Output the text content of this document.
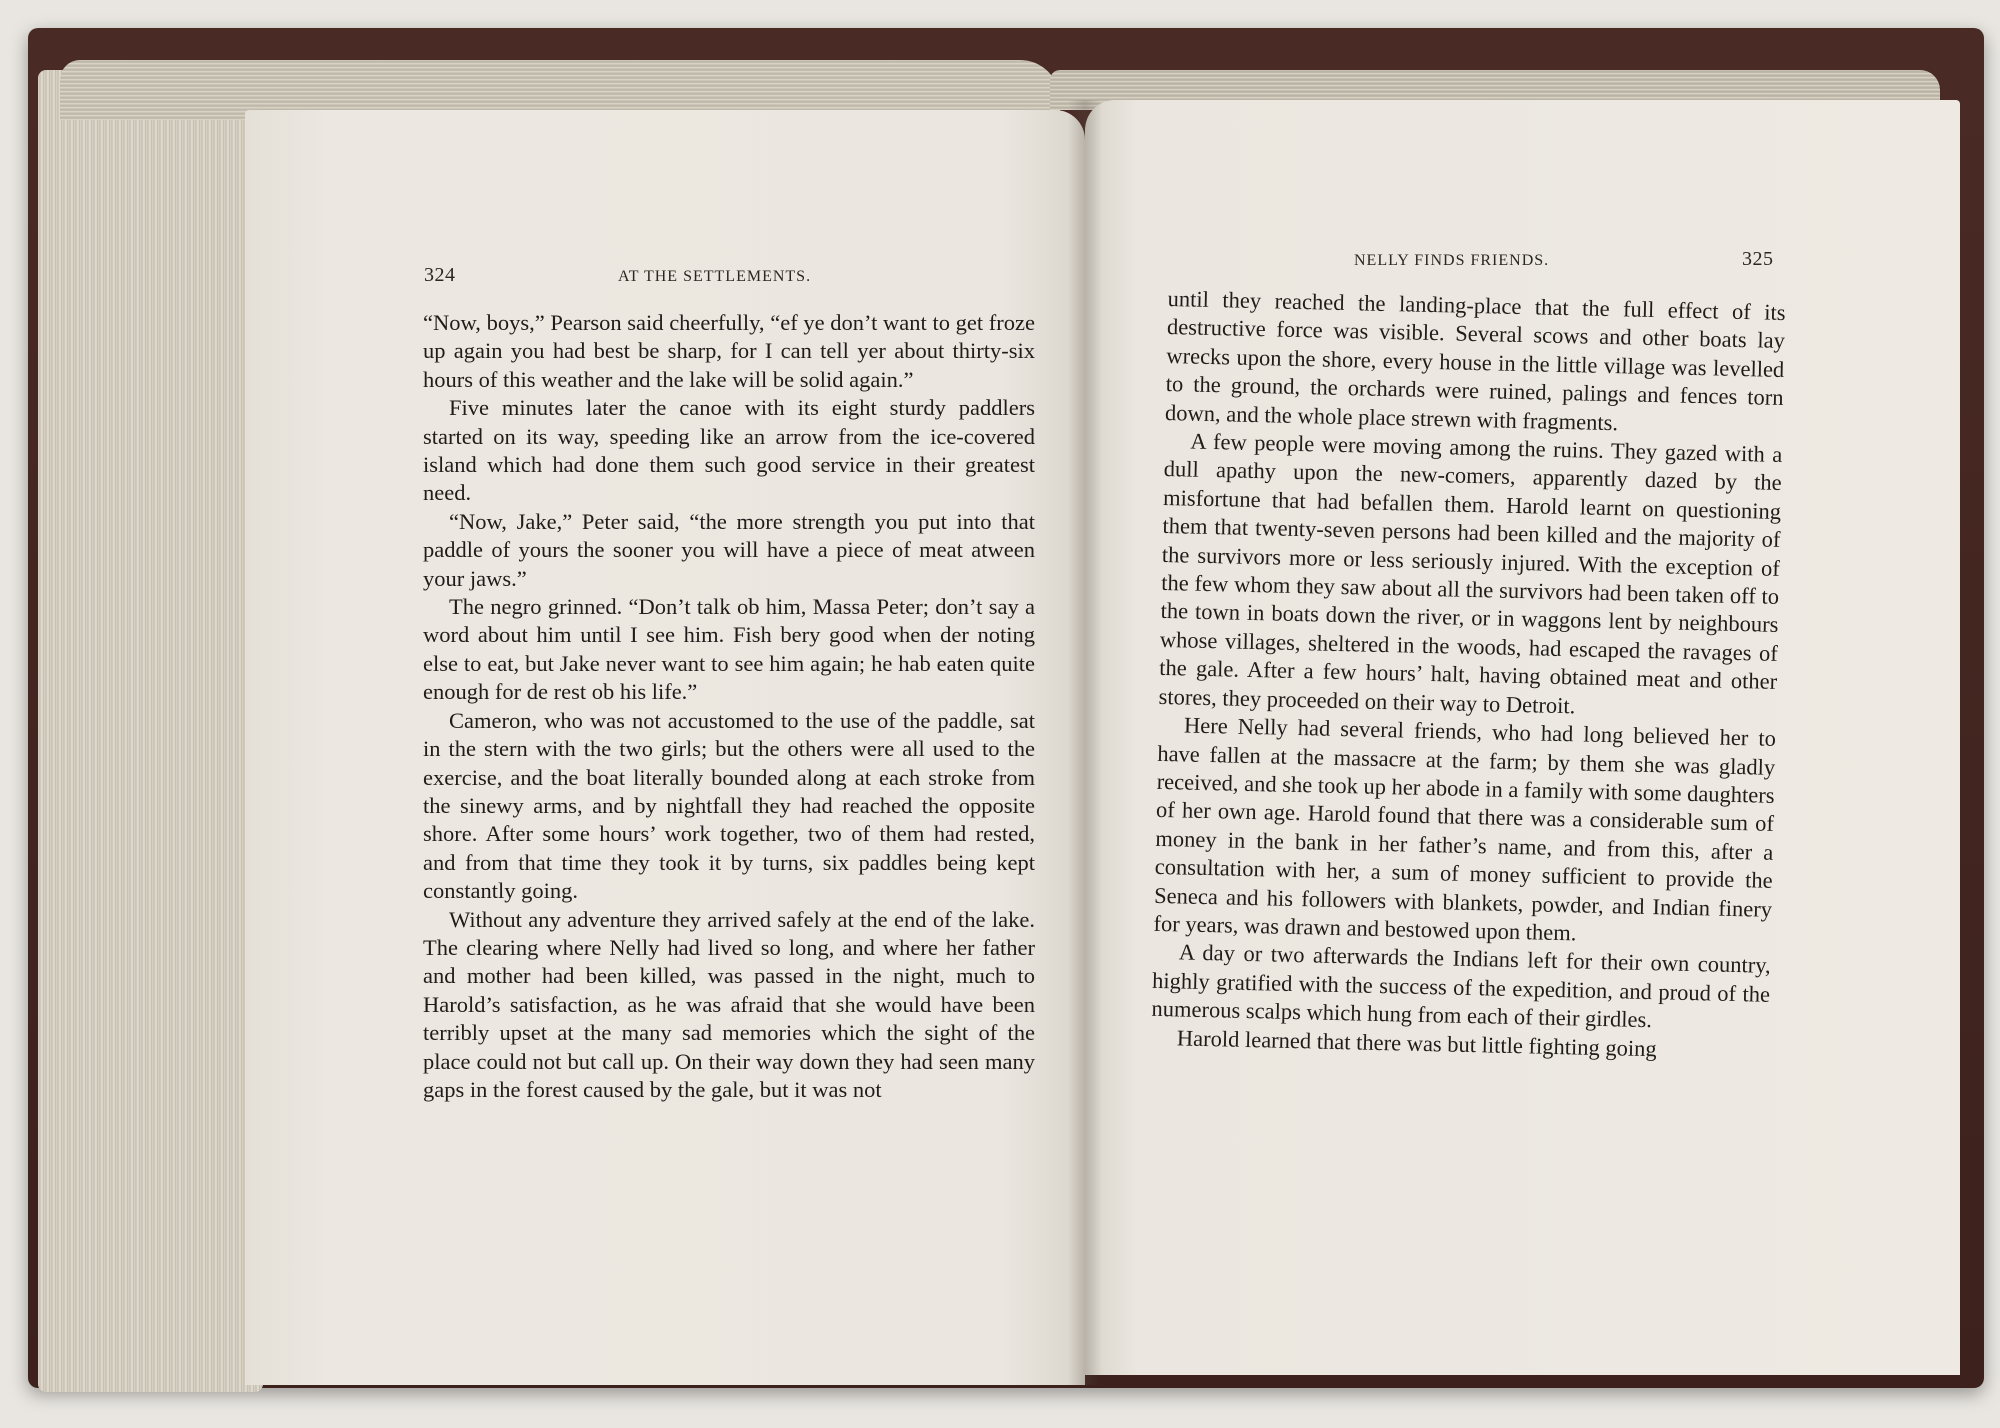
324	AT THE SETTLEMENTS.

“Now, boys,” Pearson said cheerfully, “ef ye don’t want to get froze up again you had best be sharp, for I can tell yer about thirty-six hours of this weather and the lake will be solid again.”

Five minutes later the canoe with its eight sturdy paddlers started on its way, speeding like an arrow from the ice-covered island which had done them such good service in their greatest need.

“Now, Jake,” Peter said, “the more strength you put into that paddle of yours the sooner you will have a piece of meat atween your jaws.”

The negro grinned. “Don’t talk ob him, Massa Peter; don’t say a word about him until I see him. Fish bery good when der noting else to eat, but Jake never want to see him again; he hab eaten quite enough for de rest ob his life.”

Cameron, who was not accustomed to the use of the paddle, sat in the stern with the two girls; but the others were all used to the exercise, and the boat literally bounded along at each stroke from the sinewy arms, and by nightfall they had reached the opposite shore. After some hours’ work together, two of them had rested, and from that time they took it by turns, six paddles being kept constantly going.

Without any adventure they arrived safely at the end of the lake. The clearing where Nelly had lived so long, and where her father and mother had been killed, was passed in the night, much to Harold’s satisfaction, as he was afraid that she would have been terribly upset at the many sad memories which the sight of the place could not but call up. On their way down they had seen many gaps in the forest caused by the gale, but it was not

NELLY FINDS FRIENDS.	325

until they reached the landing-place that the full effect of its destructive force was visible. Several scows and other boats lay wrecks upon the shore, every house in the little village was levelled to the ground, the orchards were ruined, palings and fences torn down, and the whole place strewn with fragments.

A few people were moving among the ruins. They gazed with a dull apathy upon the new-comers, apparently dazed by the misfortune that had befallen them. Harold learnt on questioning them that twenty-seven persons had been killed and the majority of the survivors more or less seriously injured. With the exception of the few whom they saw about all the survivors had been taken off to the town in boats down the river, or in waggons lent by neighbours whose villages, sheltered in the woods, had escaped the ravages of the gale. After a few hours’ halt, having obtained meat and other stores, they proceeded on their way to Detroit.

Here Nelly had several friends, who had long believed her to have fallen at the massacre at the farm; by them she was gladly received, and she took up her abode in a family with some daughters of her own age. Harold found that there was a considerable sum of money in the bank in her father’s name, and from this, after a consultation with her, a sum of money sufficient to provide the Seneca and his followers with blankets, powder, and Indian finery for years, was drawn and bestowed upon them.

A day or two afterwards the Indians left for their own country, highly gratified with the success of the expedition, and proud of the numerous scalps which hung from each of their girdles.

Harold learned that there was but little fighting going
